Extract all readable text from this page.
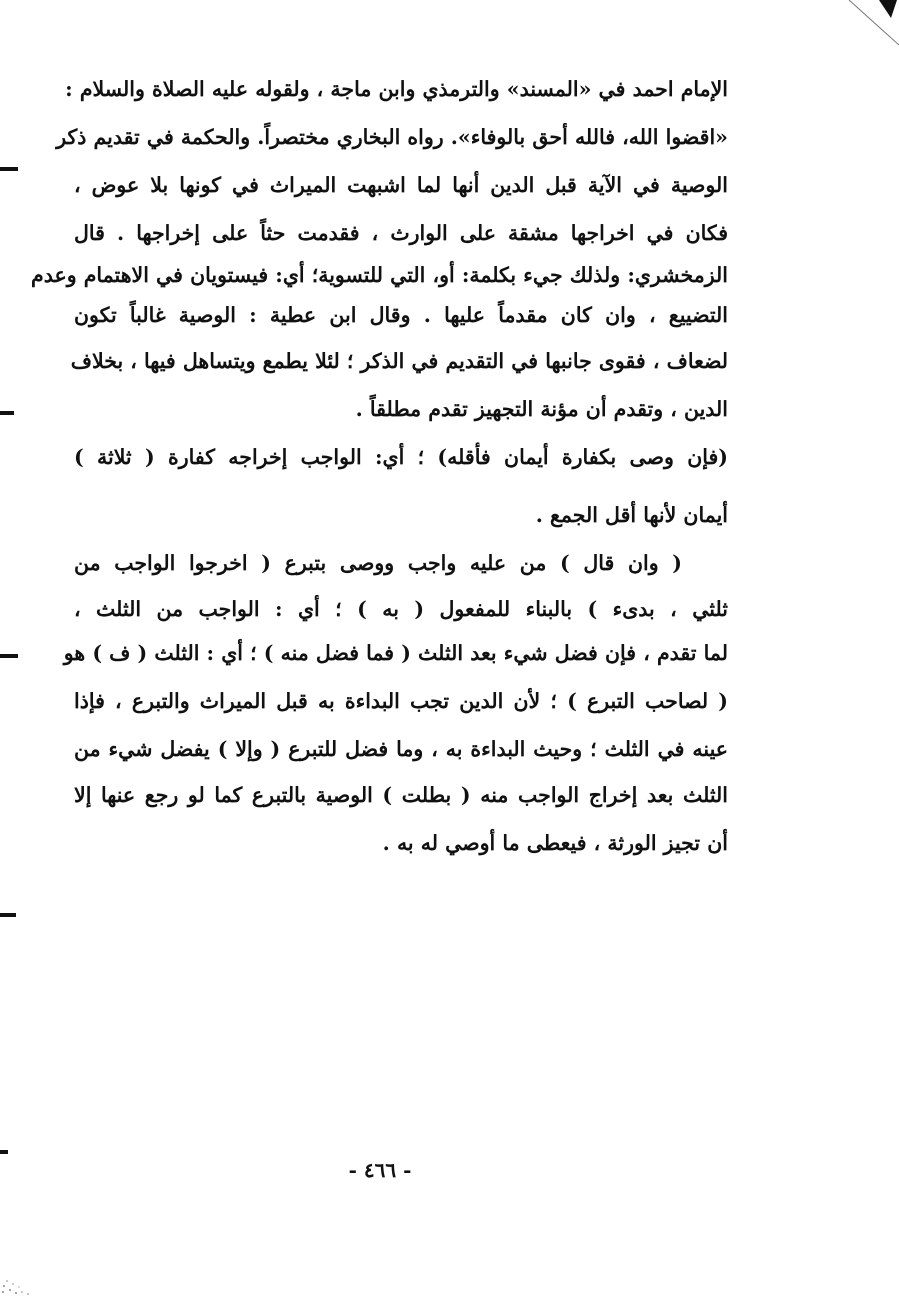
الإمام احمد في «المسند» والترمذي وابن ماجة ، ولقوله عليه الصلاة والسلام :
«اقضوا الله، فالله أحق بالوفاء». رواه البخاري مختصراً. والحكمة في تقديم ذكر
الوصية في الآية قبل الدين أنها لما اشبهت الميراث في كونها بلا عوض ،
فكان في اخراجها مشقة على الوارث ، فقدمت حثاً على إخراجها . قال
الزمخشري: ولذلك جيء بكلمة: أو، التي للتسوية؛ أي: فيستويان في الاهتمام وعدم
التضييع ، وان كان مقدماً عليها . وقال ابن عطية : الوصية غالباً تكون
لضعاف ، فقوى جانبها في التقديم في الذكر ؛ لئلا يطمع ويتساهل فيها ، بخلاف
الدين ، وتقدم أن مؤنة التجهيز تقدم مطلقاً .
(فإن وصى بكفارة أيمان فأقله) ؛ أي: الواجب إخراجه كفارة ( ثلاثة )
أيمان لأنها أقل الجمع .
( وان قال ) من عليه واجب ووصى بتبرع ( اخرجوا الواجب من
ثلثي ، بدىء ) بالبناء للمفعول ( به ) ؛ أي : الواجب من الثلث ،
لما تقدم ، فإن فضل شيء بعد الثلث ( فما فضل منه ) ؛ أي : الثلث ( ف ) هو
( لصاحب التبرع ) ؛ لأن الدين تجب البداءة به قبل الميراث والتبرع ، فإذا
عينه في الثلث ؛ وحيث البداءة به ، وما فضل للتبرع ( وإلا ) يفضل شيء من
الثلث بعد إخراج الواجب منه ( بطلت ) الوصية بالتبرع كما لو رجع عنها إلا
أن تجيز الورثة ، فيعطى ما أوصي له به .
- ٤٦٦ -
